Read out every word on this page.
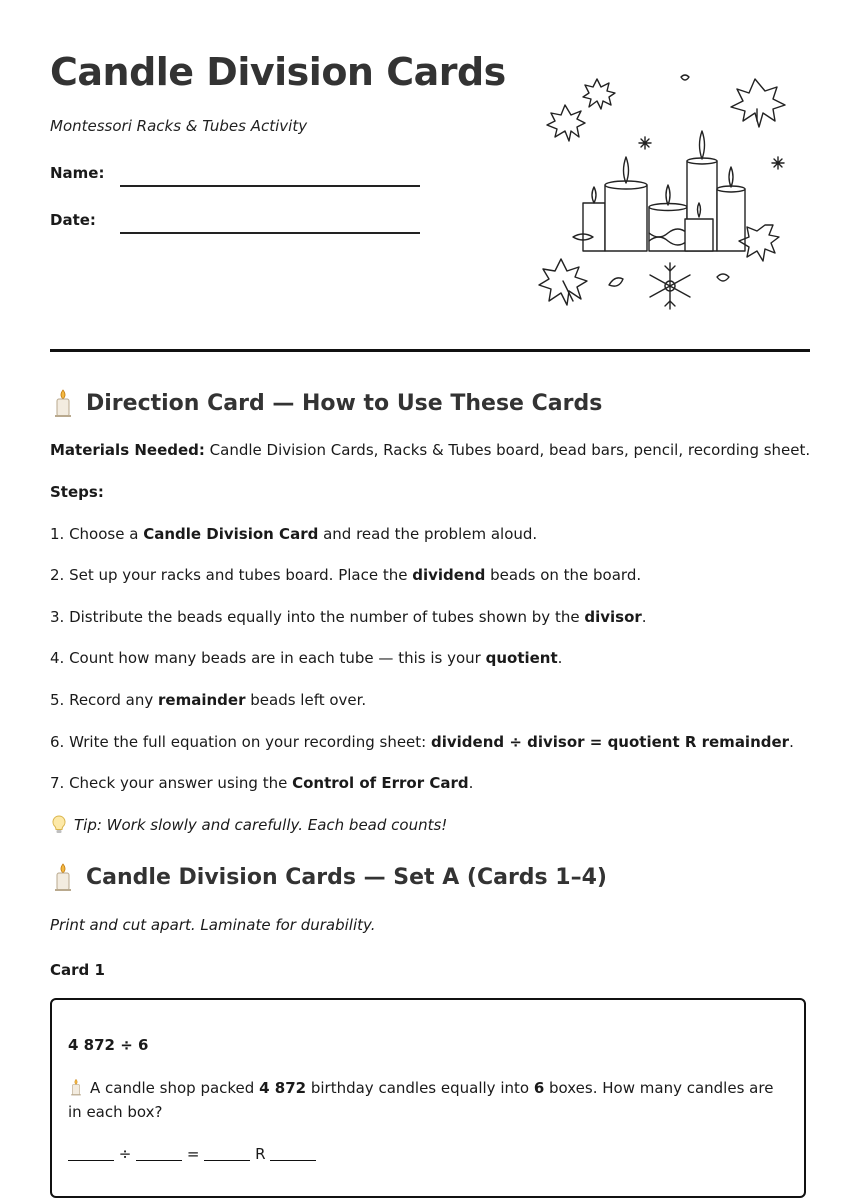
Candle Division Cards

Montessori Racks & Tubes Activity

Name:
Date:
Direction Card — How to Use These Cards

Materials Needed: Candle Division Cards, Racks & Tubes board, bead bars, pencil, recording sheet.

Steps:

1. Choose a Candle Division Card and read the problem aloud.

2. Set up your racks and tubes board. Place the dividend beads on the board.

3. Distribute the beads equally into the number of tubes shown by the divisor.

4. Count how many beads are in each tube — this is your quotient.

5. Record any remainder beads left over.

6. Write the full equation on your recording sheet: dividend ÷ divisor = quotient R remainder.

7. Check your answer using the Control of Error Card.

Tip: Work slowly and carefully. Each bead counts!

Candle Division Cards — Set A (Cards 1–4)

Print and cut apart. Laminate for durability.

Card 1

4 872 ÷ 6
A candle shop packed 4 872 birthday candles equally into 6 boxes. How many candles are in each box?
÷	=	R
